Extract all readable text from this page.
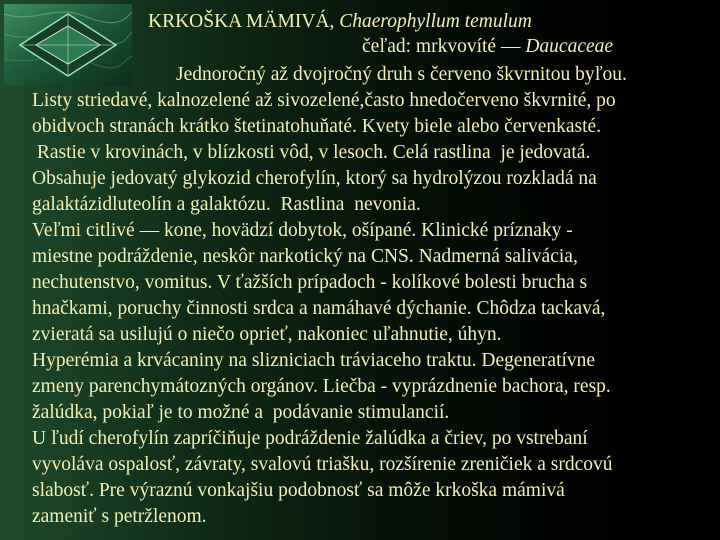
KRKOŠKA MÄMIVÁ, Chaerophyllum temulum
čeľad: mrkvovíté — Daucaceae
Jednoročný až dvojročný druh s červeno škvrnitou byľou.
Listy striedavé, kalnozelené až sivozelené,často hnedočerveno škvrnité, po
obidvoch stranách krátko štetinatohuňaté. Kvety biele alebo červenkasté.
Rastie v krovinách, v blízkosti vôd, v lesoch. Celá rastlina  je jedovatá.
Obsahuje jedovatý glykozid cherofylín, ktorý sa hydrolýzou rozkladá na
galaktázidluteolín a galaktózu.  Rastlina  nevonia.
Veľmi citlivé — kone, hovädzí dobytok, ošípané. Klinické príznaky -
miestne podráždenie, neskôr narkotický na CNS. Nadmerná salivácia,
nechutenstvo, vomitus. V ťažších prípadoch - kolíkové bolesti brucha s
hnačkami, poruchy činnosti srdca a namáhavé dýchanie. Chôdza tackavá,
zvieratá sa usilujú o niečo oprieť, nakoniec uľahnutie, úhyn.
Hyperémia a krvácaniny na slizniciach tráviaceho traktu. Degeneratívne
zmeny parenchymátozných orgánov. Liečba - vyprázdnenie bachora, resp.
žalúdka, pokiaľ je to možné a  podávanie stimulancií.
U ľudí cherofylín zapríčiňuje podráždenie žalúdka a čriev, po vstrebaní
vyvoláva ospalosť, závraty, svalovú triašku, rozšírenie zreničiek a srdcovú
slabosť. Pre výraznú vonkajšiu podobnosť sa môže krkoška mámivá
zameniť s petržlenom.
